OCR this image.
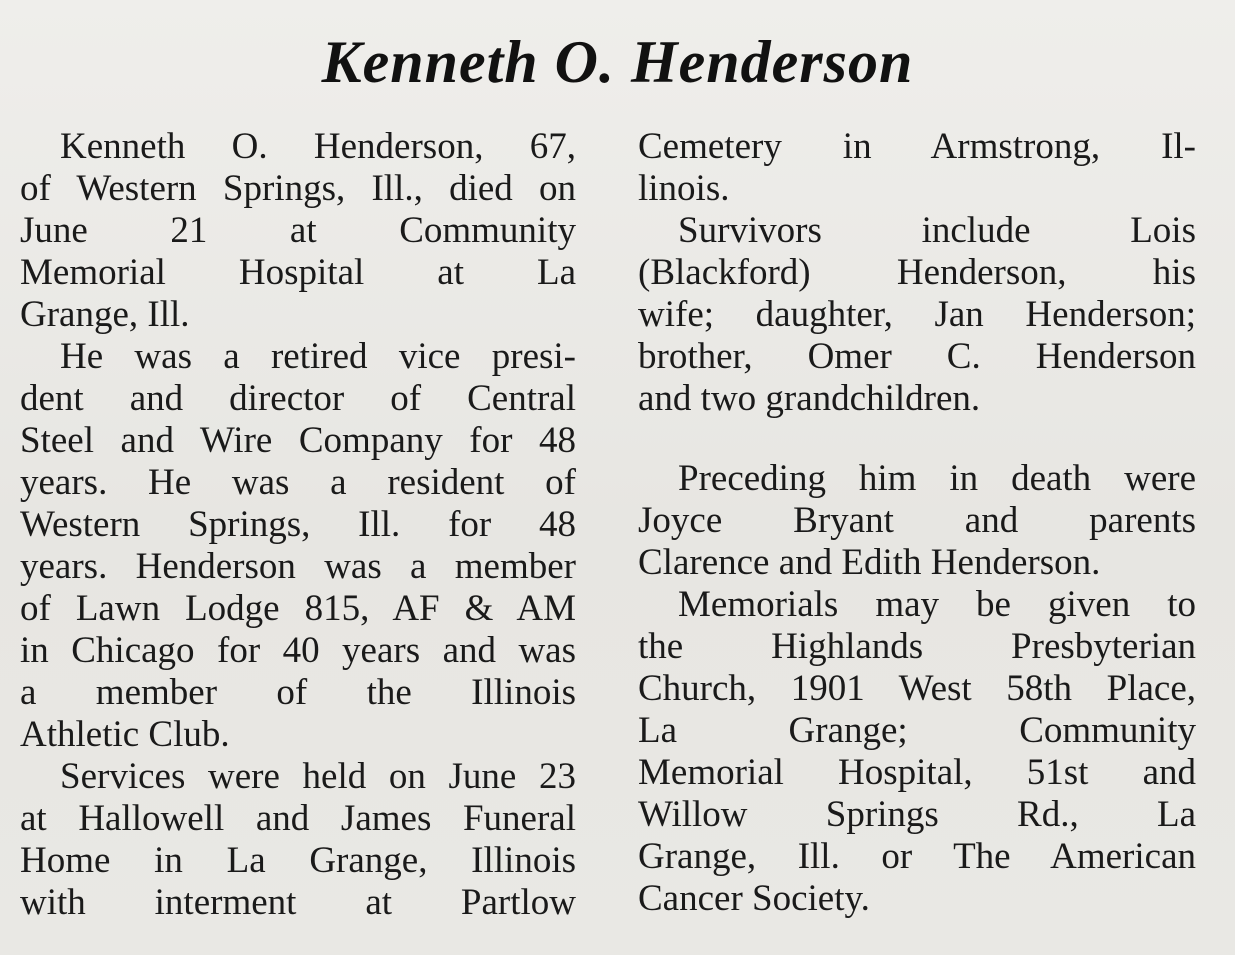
Kenneth O. Henderson
Kenneth O. Henderson, 67,
of Western Springs, Ill., died on
June 21 at Community
Memorial Hospital at La
Grange, Ill.
He was a retired vice presi-
dent and director of Central
Steel and Wire Company for 48
years. He was a resident of
Western Springs, Ill. for 48
years. Henderson was a member
of Lawn Lodge 815, AF & AM
in Chicago for 40 years and was
a member of the Illinois
Athletic Club.
Services were held on June 23
at Hallowell and James Funeral
Home in La Grange, Illinois
with interment at Partlow
Cemetery in Armstrong, Il-
linois.
Survivors include Lois
(Blackford) Henderson, his
wife; daughter, Jan Henderson;
brother, Omer C. Henderson
and two grandchildren.
Preceding him in death were
Joyce Bryant and parents
Clarence and Edith Henderson.
Memorials may be given to
the Highlands Presbyterian
Church, 1901 West 58th Place,
La Grange; Community
Memorial Hospital, 51st and
Willow Springs Rd., La
Grange, Ill. or The American
Cancer Society.
